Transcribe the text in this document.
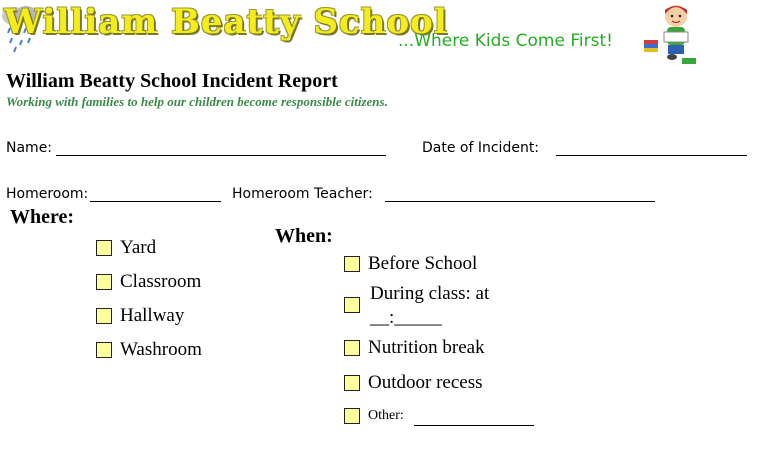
William Beatty School
...Where Kids Come First!
William Beatty School Incident Report
Working with families to help our children become responsible citizens.
Name:	Date of Incident:
Homeroom:	Homeroom Teacher:
Where:
Yard
Classroom
Hallway
Washroom
When:
Before School
During class: at
__:_____
Nutrition break
Outdoor recess
Other:
